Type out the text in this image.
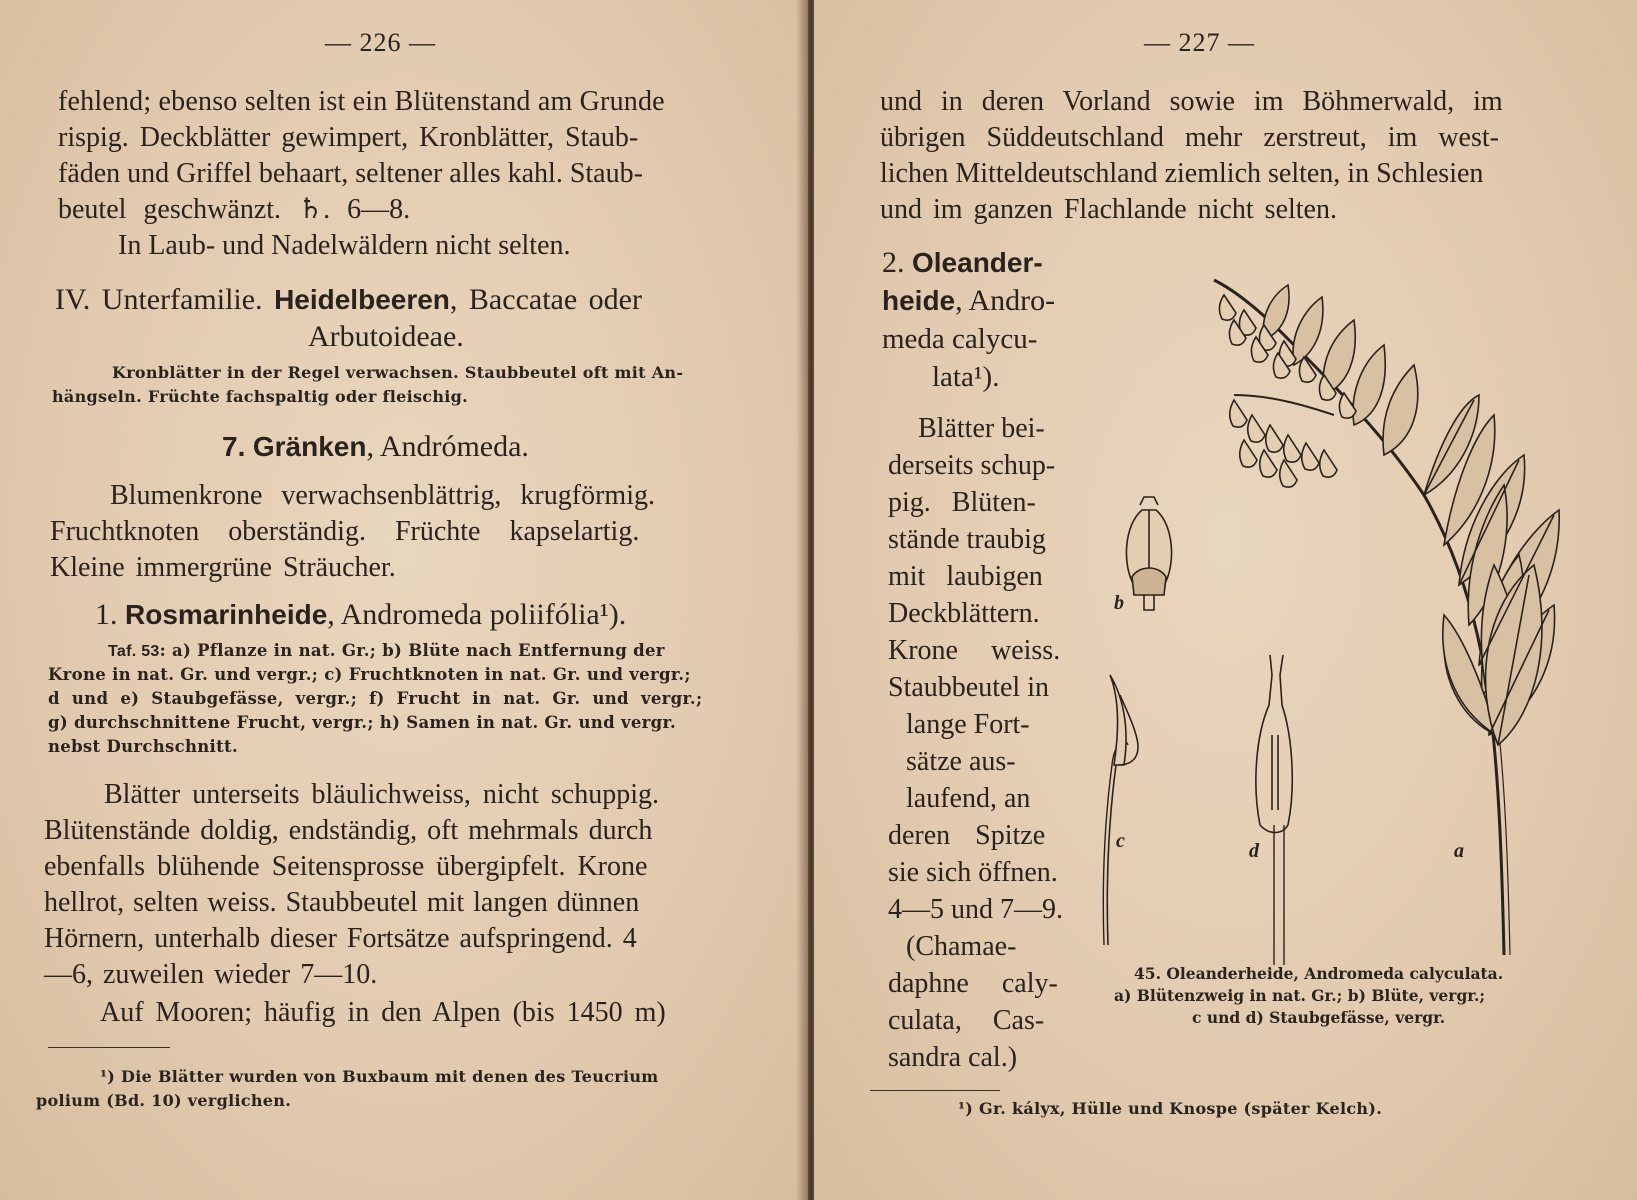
— 226 —
fehlend; ebenso selten ist ein Blütenstand am Grunde
rispig. Deckblätter gewimpert, Kronblätter, Staub-
fäden und Griffel behaart, seltener alles kahl. Staub-
beutel geschwänzt. ♄. 6—8.
In Laub- und Nadelwäldern nicht selten.
IV. Unterfamilie. Heidelbeeren, Baccatae oder
Arbutoideae.
Kronblätter in der Regel verwachsen. Staubbeutel oft mit An-
hängseln. Früchte fachspaltig oder fleischig.
7. Gränken, Andrómeda.
Blumenkrone verwachsenblättrig, krugförmig.
Fruchtknoten oberständig. Früchte kapselartig.
Kleine immergrüne Sträucher.
1. Rosmarinheide, Andromeda poliifólia¹).
Taf. 53: a) Pflanze in nat. Gr.; b) Blüte nach Entfernung der
Krone in nat. Gr. und vergr.; c) Fruchtknoten in nat. Gr. und vergr.;
d und e) Staubgefässe, vergr.; f) Frucht in nat. Gr. und vergr.;
g) durchschnittene Frucht, vergr.; h) Samen in nat. Gr. und vergr.
nebst Durchschnitt.
Blätter unterseits bläulichweiss, nicht schuppig.
Blütenstände doldig, endständig, oft mehrmals durch
ebenfalls blühende Seitensprosse übergipfelt. Krone
hellrot, selten weiss. Staubbeutel mit langen dünnen
Hörnern, unterhalb dieser Fortsätze aufspringend. 4
—6, zuweilen wieder 7—10.
Auf Mooren; häufig in den Alpen (bis 1450 m)
¹) Die Blätter wurden von Buxbaum mit denen des Teucrium
polium (Bd. 10) verglichen.
— 227 —
und in deren Vorland sowie im Böhmerwald, im
übrigen Süddeutschland mehr zerstreut, im west-
lichen Mitteldeutschland ziemlich selten, in Schlesien
und im ganzen Flachlande nicht selten.
2. Oleander-
heide, Andro-
meda calycu-
lata¹).
Blätter bei-
derseits schup-
pig. Blüten-
stände traubig
mit laubigen
Deckblättern.
Krone weiss.
Staubbeutel in
lange Fort-
sätze aus-
laufend, an
deren Spitze
sie sich öffnen.
4—5 und 7—9.
(Chamae-
daphne caly-
culata, Cas-
sandra cal.)
b
c	d	a
45. Oleanderheide, Andromeda calyculata.
a) Blütenzweig in nat. Gr.; b) Blüte, vergr.;
c und d) Staubgefässe, vergr.
¹) Gr. kályx, Hülle und Knospe (später Kelch).
